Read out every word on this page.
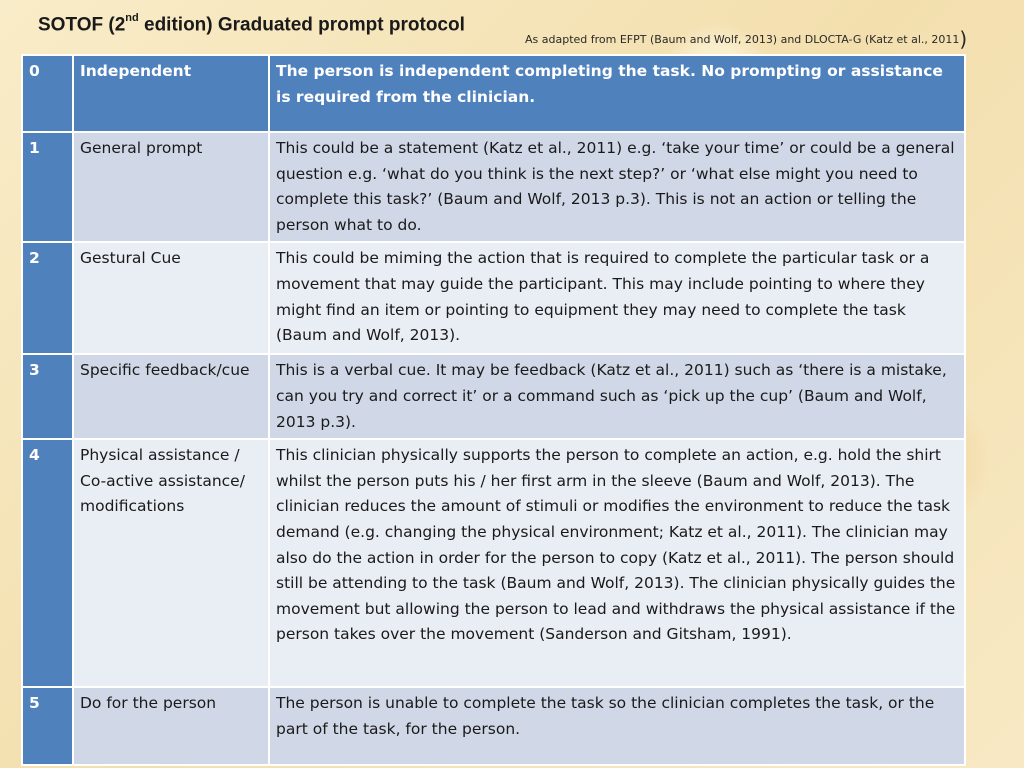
SOTOF (2nd edition) Graduated prompt protocol
As adapted from EFPT (Baum and Wolf, 2013) and DLOCTA-G (Katz et al., 2011)
0	Independent	The person is independent completing the task. No prompting or assistance is required from the clinician.
1	General prompt	This could be a statement (Katz et al., 2011) e.g. ‘take your time’ or could be a general question e.g. ‘what do you think is the next step?’ or ‘what else might you need to complete this task?’ (Baum and Wolf, 2013 p.3). This is not an action or telling the person what to do.
2	Gestural Cue	This could be miming the action that is required to complete the particular task or a movement that may guide the participant. This may include pointing to where they might find an item or pointing to equipment they may need to complete the task (Baum and Wolf, 2013).
3	Specific feedback/cue	This is a verbal cue. It may be feedback (Katz et al., 2011) such as ‘there is a mistake, can you try and correct it’ or a command such as ‘pick up the cup’ (Baum and Wolf, 2013 p.3).
4	Physical assistance / Co-active assistance/ modifications	This clinician physically supports the person to complete an action, e.g. hold the shirt whilst the person puts his / her first arm in the sleeve (Baum and Wolf, 2013). The clinician reduces the amount of stimuli or modifies the environment to reduce the task demand (e.g. changing the physical environment; Katz et al., 2011). The clinician may also do the action in order for the person to copy (Katz et al., 2011). The person should still be attending to the task (Baum and Wolf, 2013). The clinician physically guides the movement but allowing the person to lead and withdraws the physical assistance if the person takes over the movement (Sanderson and Gitsham, 1991).
5	Do for the person	The person is unable to complete the task so the clinician completes the task, or the part of the task, for the person.
